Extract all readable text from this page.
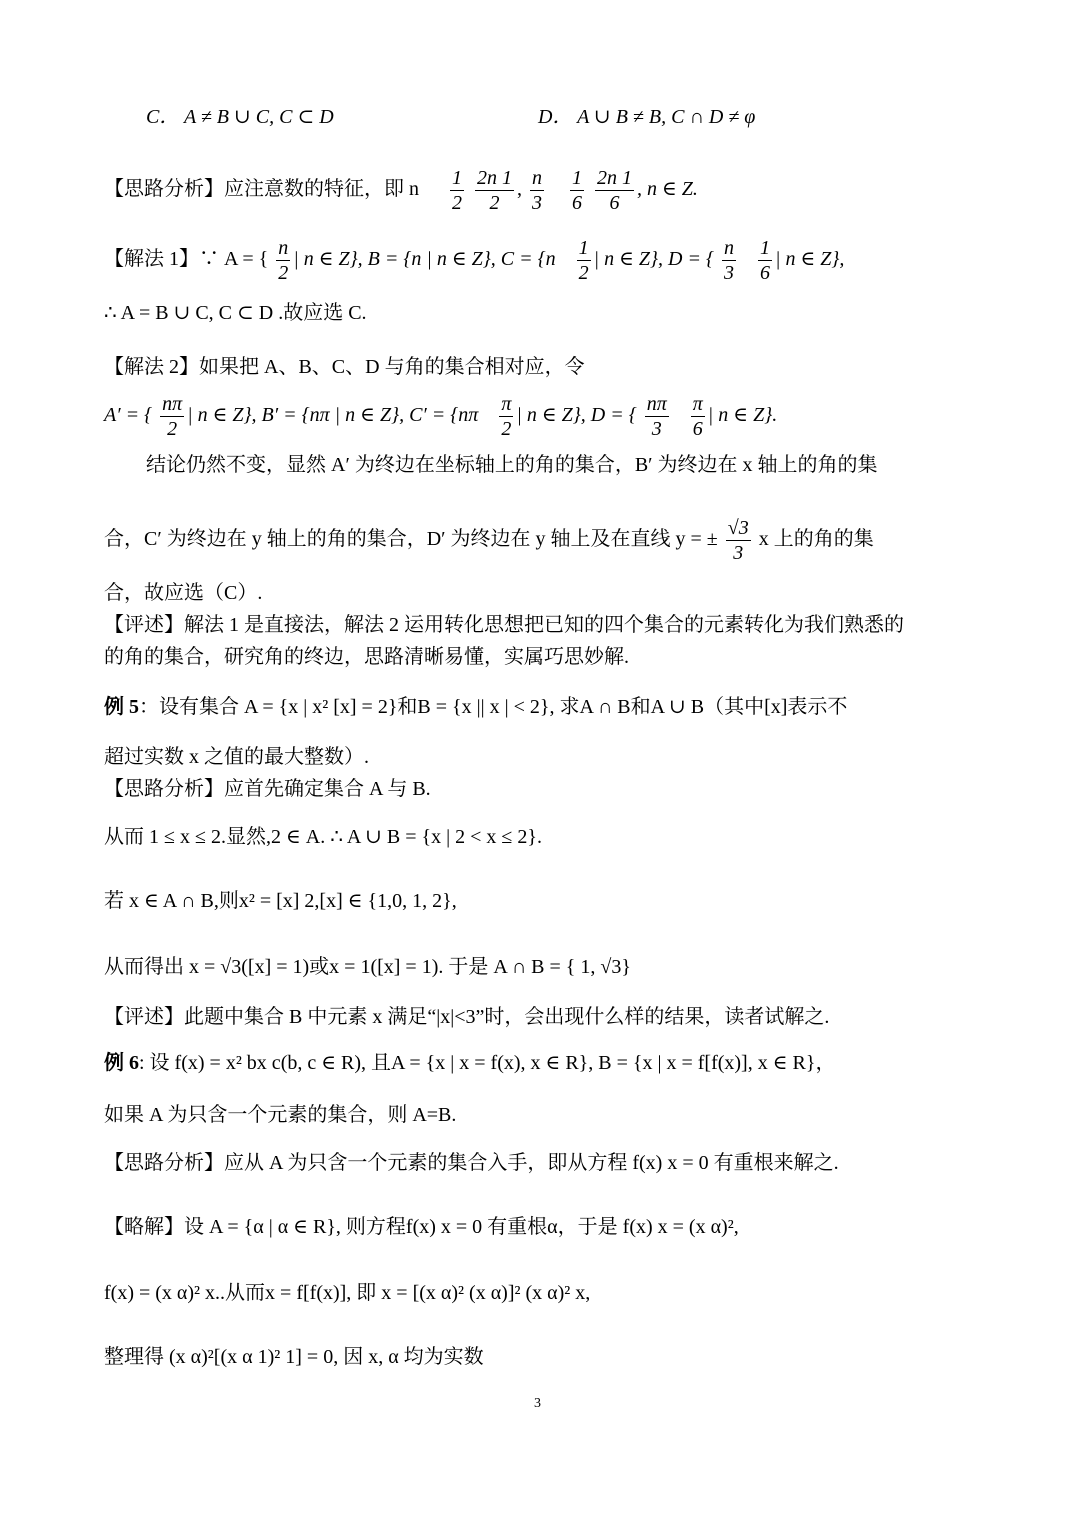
C． A ≠ B ∪ C, C ⊂ D	D． A ∪ B ≠ B, C ∩ D ≠ φ
【思路分析】应注意数的特征，即 n $\frac{1}{2}$
$\frac{2n 1}{2}$ , $\frac{n}{3}$
$\frac{1}{6}$
$\frac{2n 1}{6}$ , n ∈ Z.
【解法 1】∵ A = { $\frac{n}{2}$ | n ∈ Z}, B = {n | n ∈ Z}, $C = \{n \frac{1}{2}$ | n ∈ Z}, D = { $\frac{n}{3}$
$\frac{1}{6}$ | n ∈ Z},
∴ A = B ∪ C, C ⊂ D .故应选 C.
【解法 2】如果把 A、B、C、D 与角的集合相对应，令
A′ = { $\frac{n\pi}{2}$ | n ∈ Z}, B′ = {nπ | n ∈ Z}, $C' = \{n\pi \frac{\pi}{2}$ | n ∈ Z}, D = { $\frac{n\pi}{3}$
$\frac{\pi}{6}$ | n ∈ Z}.
结论仍然不变，显然 A′ 为终边在坐标轴上的角的集合，B′ 为终边在 x 轴上的角的集
合，C′ 为终边在 y 轴上的角的集合，D′ 为终边在 y 轴上及在直线 y = ± $\frac{√3}{3}$ x 上的角的集
合，故应选（C）.
【评述】解法 1 是直接法，解法 2 运用转化思想把已知的四个集合的元素转化为我们熟悉的
的角的集合，研究角的终边，思路清晰易懂，实属巧思妙解.
例 5：设有集合 A = {x | x² [x] = 2}和B = {x || x | < 2}, 求A ∩ B和A ∪ B（其中[x]表示不
超过实数 x 之值的最大整数）.
【思路分析】应首先确定集合 A 与 B.
从而 1 ≤ x ≤ 2.显然,2 ∈ A. ∴ A ∪ B = {x | 2 < x ≤ 2}.
若 x ∈ A ∩ B,则x² = [x] 2,[x] ∈ {1,0, 1, 2},
从而得出 x = √3([x] = 1)或x = 1([x] = 1). 于是 A ∩ B = { 1, √3}
【评述】此题中集合 B 中元素 x 满足“|x|<3”时，会出现什么样的结果，读者试解之.
例 6: 设 f(x) = x² bx c(b, c ∈ R), 且A = {x | x = f(x), x ∈ R}, B = {x | x = f[f(x)], x ∈ R}，
如果 A 为只含一个元素的集合，则 A=B.
【思路分析】应从 A 为只含一个元素的集合入手，即从方程 f(x) x = 0 有重根来解之.
【略解】设 A = {α | α ∈ R}, 则方程f(x) x = 0 有重根α，于是 f(x) x = (x α)²,
f(x) = (x α)² x..从而x = f[f(x)], 即 x = [(x α)² (x α)]² (x α)² x,
整理得 (x α)²[(x α 1)² 1] = 0, 因 x, α 均为实数
3
